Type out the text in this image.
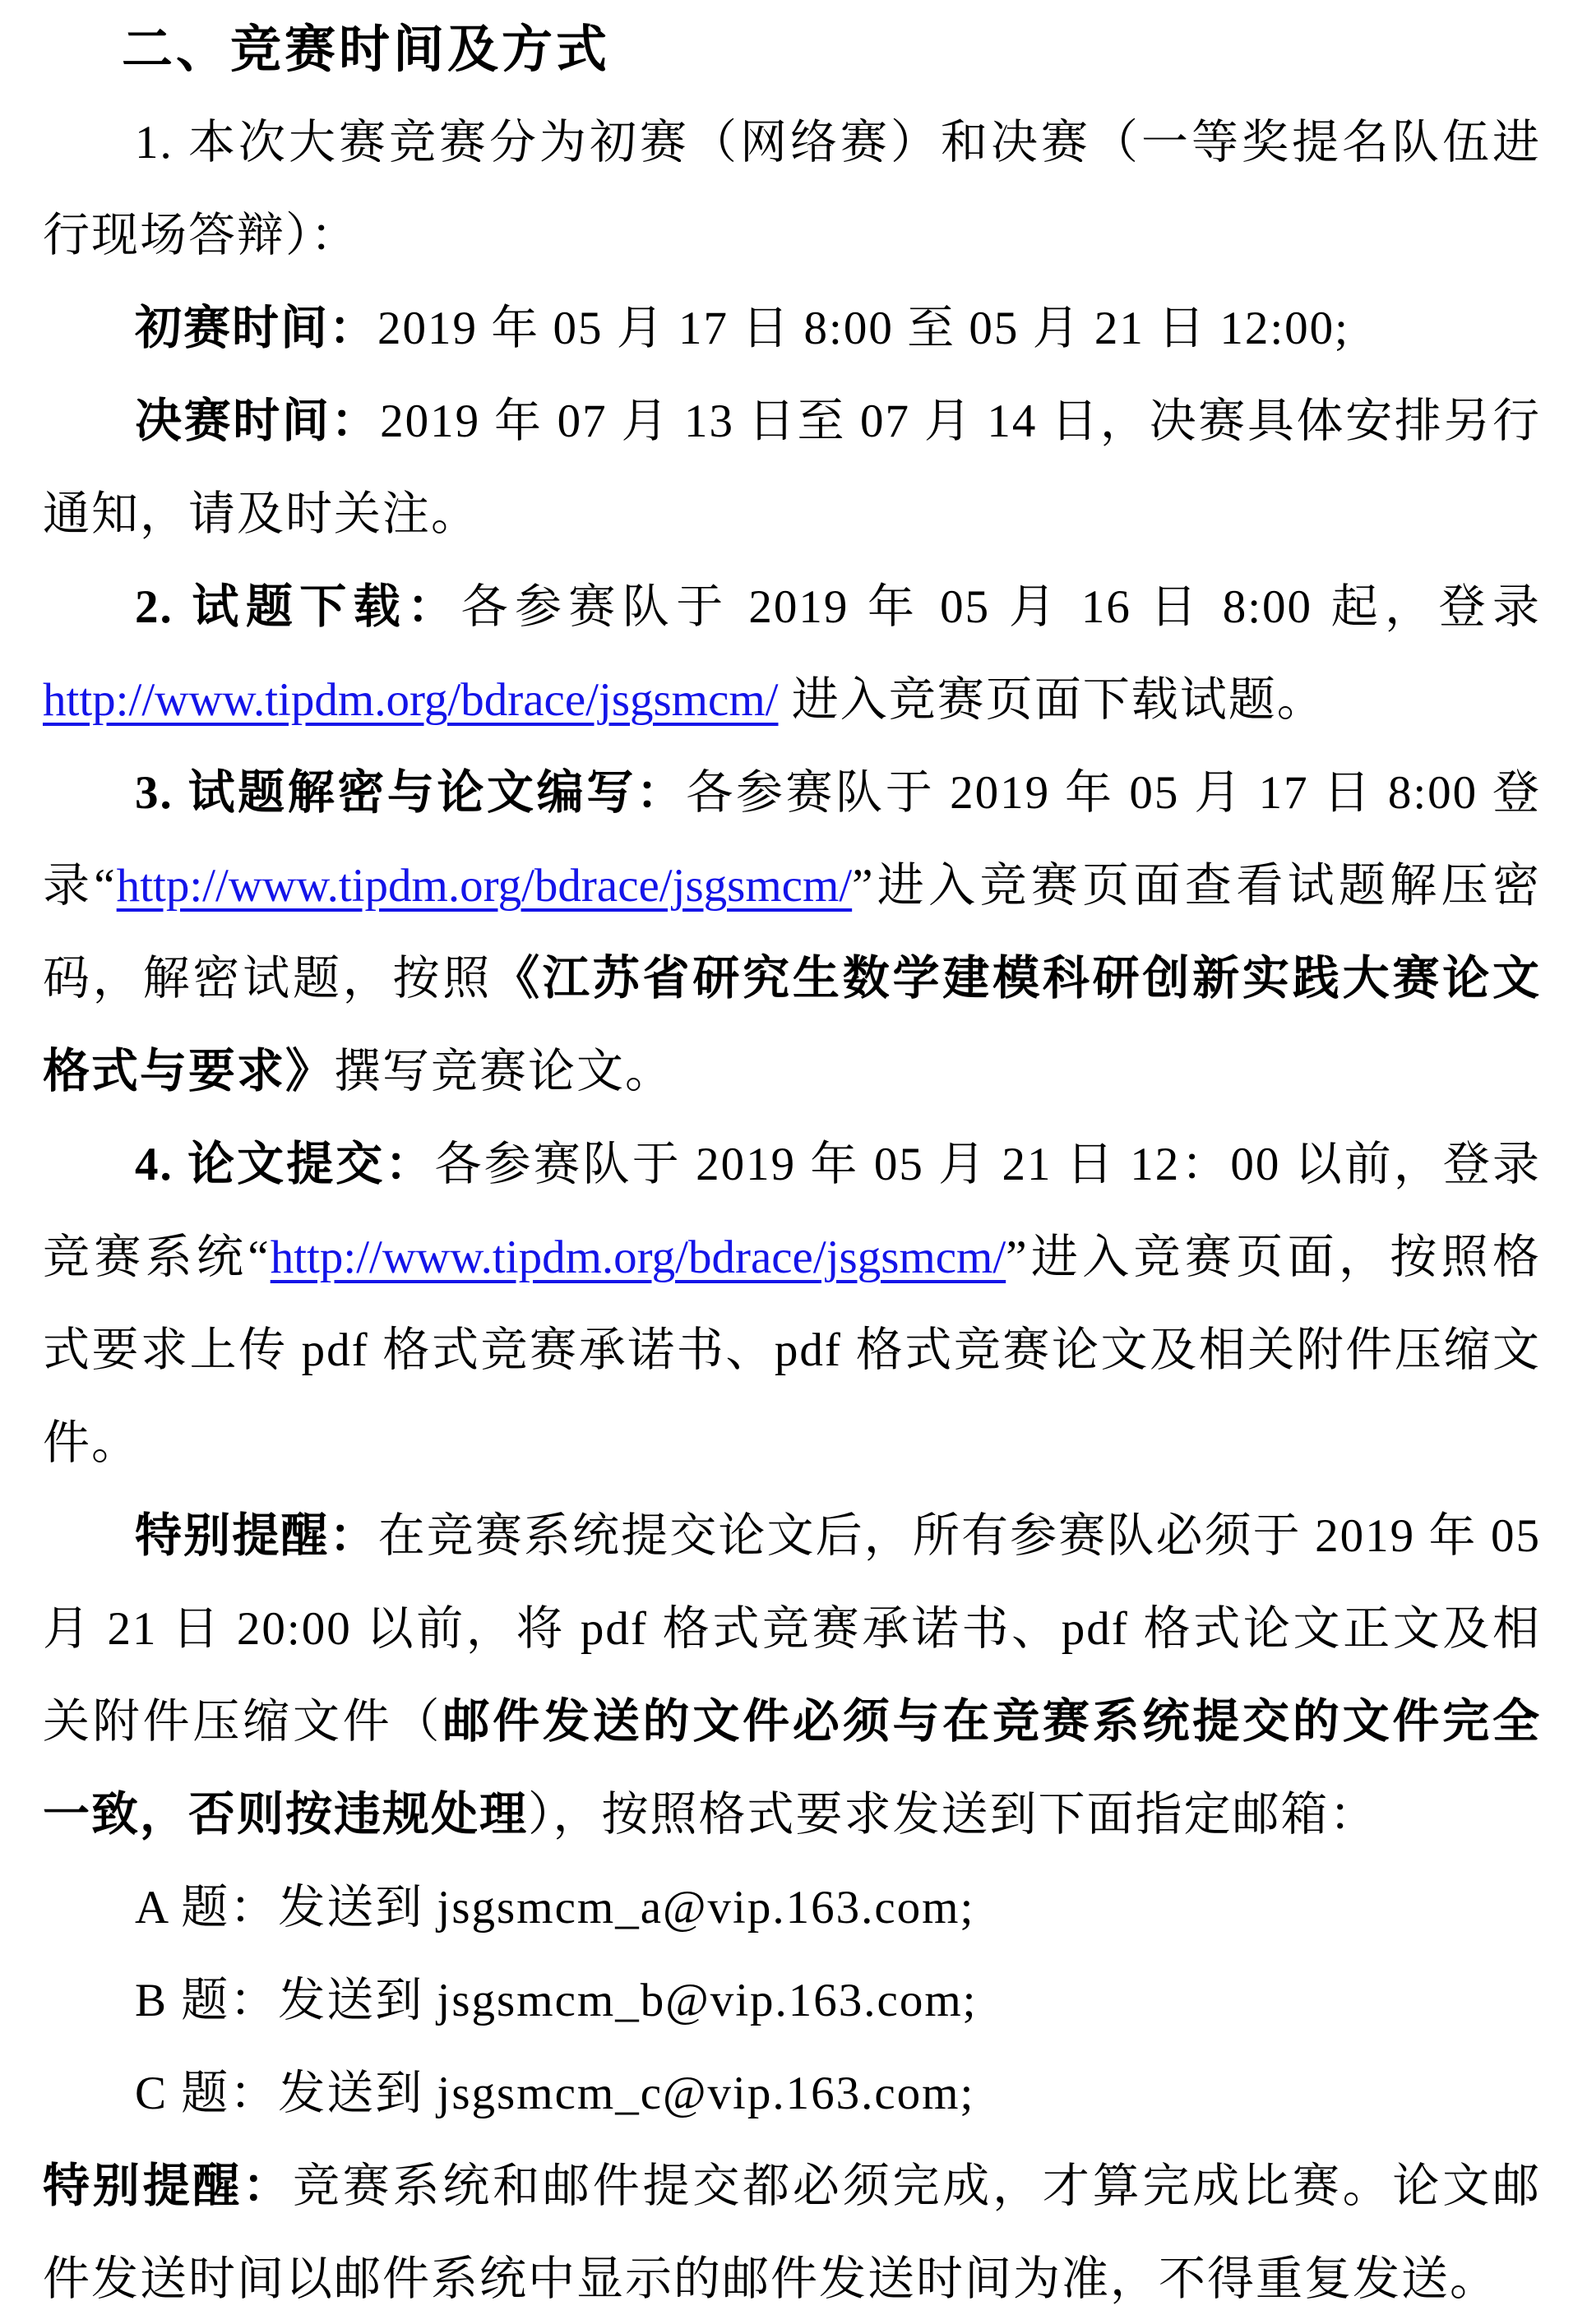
二、竞赛时间及方式

1. 本次大赛竞赛分为初赛（网络赛）和决赛（一等奖提名队伍进行现场答辩）：

初赛时间：2019 年 05 月 17 日 8:00 至 05 月 21 日 12:00;

决赛时间：2019 年 07 月 13 日至 07 月 14 日，决赛具体安排另行通知，请及时关注。

2. 试题下载：各参赛队于 2019 年 05 月 16 日 8:00 起，登录 http://www.tipdm.org/bdrace/jsgsmcm/ 进入竞赛页面下载试题。

3. 试题解密与论文编写：各参赛队于 2019 年 05 月 17 日 8:00 登录“http://www.tipdm.org/bdrace/jsgsmcm/”进入竞赛页面查看试题解压密码，解密试题，按照《江苏省研究生数学建模科研创新实践大赛论文格式与要求》撰写竞赛论文。

4. 论文提交：各参赛队于 2019 年 05 月 21 日 12：00 以前，登录竞赛系统“http://www.tipdm.org/bdrace/jsgsmcm/”进入竞赛页面，按照格式要求上传 pdf 格式竞赛承诺书、pdf 格式竞赛论文及相关附件压缩文件。

特别提醒：在竞赛系统提交论文后，所有参赛队必须于 2019 年 05 月 21 日 20:00 以前，将 pdf 格式竞赛承诺书、pdf 格式论文正文及相关附件压缩文件（邮件发送的文件必须与在竞赛系统提交的文件完全一致，否则按违规处理），按照格式要求发送到下面指定邮箱：

A 题：发送到 jsgsmcm_a@vip.163.com;

B 题：发送到 jsgsmcm_b@vip.163.com;

C 题：发送到 jsgsmcm_c@vip.163.com;

特别提醒：竞赛系统和邮件提交都必须完成，才算完成比赛。论文邮件发送时间以邮件系统中显示的邮件发送时间为准，不得重复发送。
